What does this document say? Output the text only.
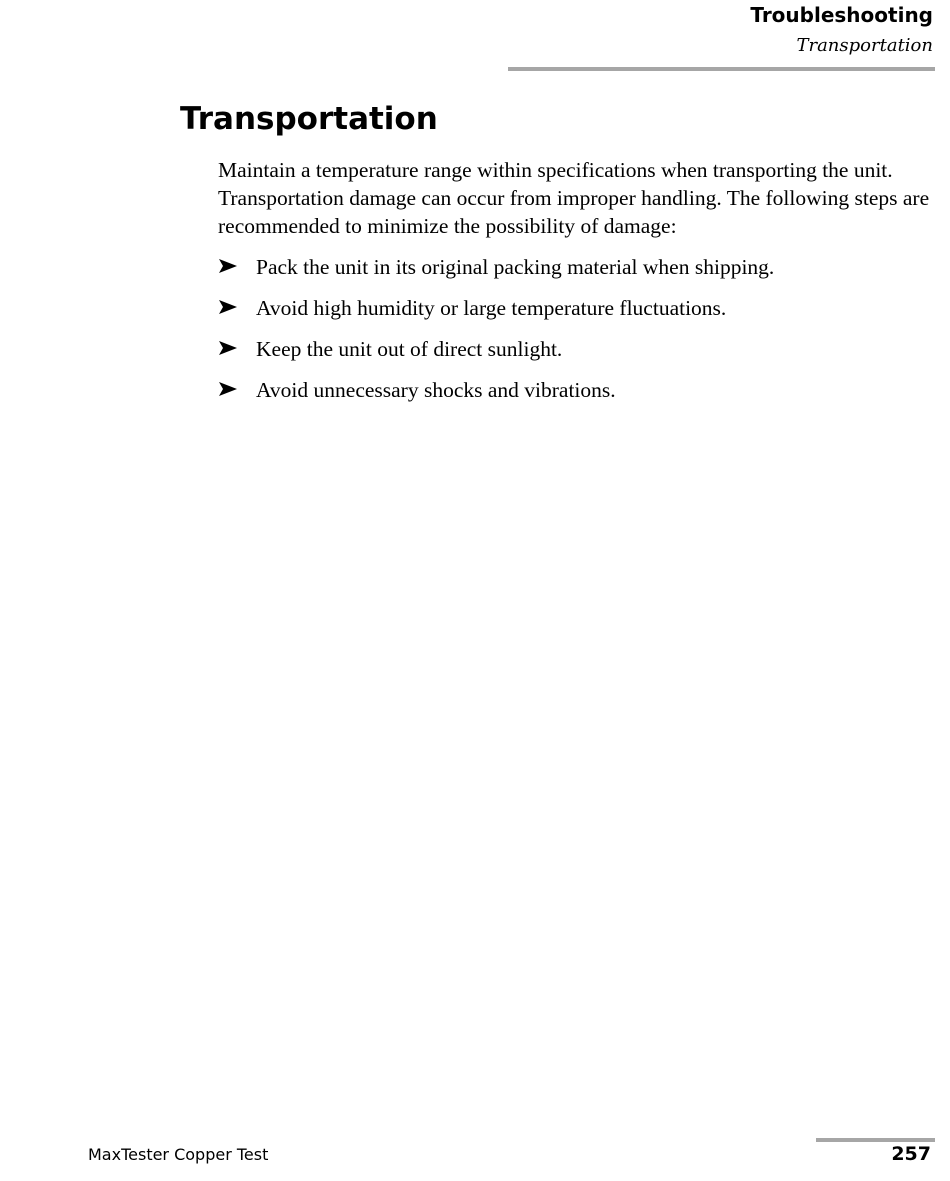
Troubleshooting
Transportation
Transportation

Maintain a temperature range within specifications when transporting the unit. Transportation damage can occur from improper handling. The following steps are recommended to minimize the possibility of damage:

Pack the unit in its original packing material when shipping.
Avoid high humidity or large temperature fluctuations.
Keep the unit out of direct sunlight.
Avoid unnecessary shocks and vibrations.
MaxTester Copper Test	257
